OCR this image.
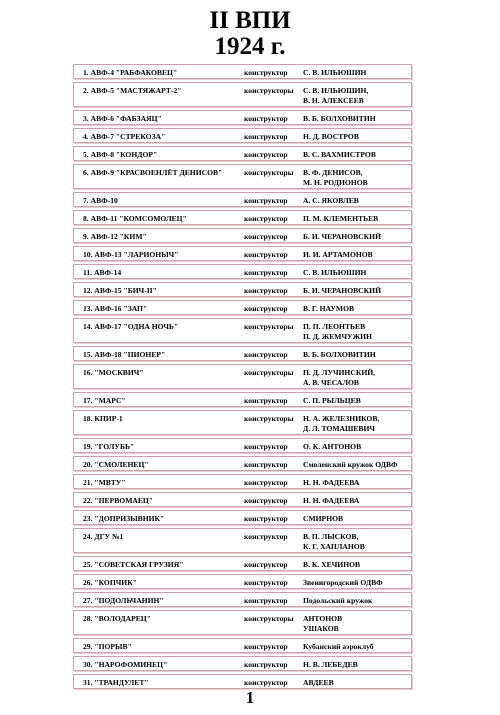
II ВПИ
1924 г.
1. АВФ-4 "РАБФАКОВЕЦ"	конструктор С. В. ИЛЬЮШИН
2. АВФ-5 "МАСТЯЖАРТ-2"	конструкторы С. В. ИЛЬЮШИН,
В. Н. АЛЕКСЕЕВ
3. АВФ-6 "ФАБЗАЯЦ"	конструктор В. Б. БОЛХОВИТИН
4. АВФ-7 "СТРЕКОЗА"	конструктор Н. Д. ВОСТРОВ
5. АВФ-8 "КОНДОР"	конструктор В. С. ВАХМИСТРОВ
6. АВФ-9 "КРАСВОЕНЛЁТ ДЕНИСОВ"	конструкторы В. Ф. ДЕНИСОВ,
М. Н. РОДИОНОВ
7. АВФ-10	конструктор А. С. ЯКОВЛЕВ
8. АВФ-11 "КОМСОМОЛЕЦ"	конструктор П. М. КЛЕМЕНТЬЕВ
9. АВФ-12 "КИМ"	конструктор Б. И. ЧЕРАНОВСКИЙ
10. АВФ-13 "ЛАРИОНЫЧ"	конструктор И. И. АРТАМОНОВ
11. АВФ-14	конструктор С. В. ИЛЬЮШИН
12. АВФ-15 "БИЧ-II"	конструктор Б. И. ЧЕРАНОВСКИЙ
13. АВФ-16 "ЗАП"	конструктор В. Г. НАУМОВ
14. АВФ-17 "ОДНА НОЧЬ"	конструкторы П. П. ЛЕОНТЬЕВ
П. Д. ЖЕМЧУЖИН
15. АВФ-18 "ПИОНЕР"	конструктор В. Б. БОЛХОВИТИН
16. "МОСКВИЧ"	конструкторы П. Д. ЛУЧИНСКИЙ,
А. В. ЧЕСАЛОВ
17. "МАРС"	конструктор С. П. РЫЛЬЦЕВ
18. КПИР-1	конструкторы Н. А. ЖЕЛЕЗНИКОВ,
Д. Л. ТОМАШЕВИЧ
19. "ГОЛУБЬ"	конструктор О. К. АНТОНОВ
20. "СМОЛЕНЕЦ"	конструктор Смоленский кружок ОДВФ
21. "МВТУ"	конструктор Н. Н. ФАДЕЕВА
22. "ПЕРВОМАЕЦ"	конструктор Н. Н. ФАДЕЕВА
23. "ДОПРИЗЫВНИК"	конструктор СМИРНОВ
24. ДГУ №1	конструктор В. П. ЛЫСКОВ,
К. Г. ХАПЛАНОВ
25. "СОВЕТСКАЯ ГРУЗИЯ"	конструктор В. К. ХЕЧИНОВ
26. "КОПЧИК"	конструктор Звенигородский ОДВФ
27. "ПОДОЛЬЧАНИН"	конструктор Подольский кружок
28. "ВОЛОДАРЕЦ"	конструкторы АНТОНОВ
УШАКОВ
29. "ПОРЫВ"	конструктор Кубанский аэроклуб
30. "НАРОФОМИНЕЦ"	конструктор Н. В. ЛЕБЕДЕВ
31. "ТРАНДУЛЕТ"	конструктор АВДЕЕВ
1
